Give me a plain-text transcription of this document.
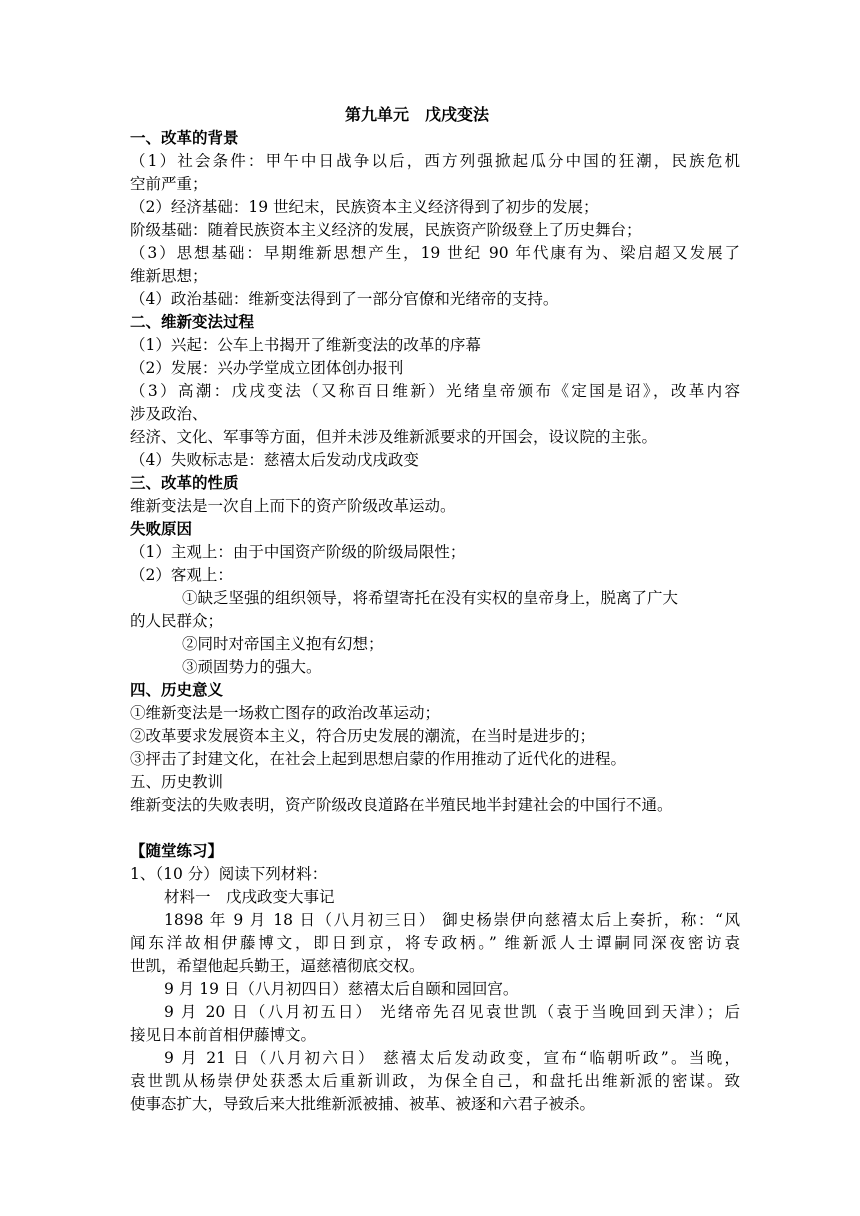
第九单元　戊戌变法
一、改革的背景
（1）社会条件：甲午中日战争以后，西方列强掀起瓜分中国的狂潮，民族危机
空前严重；
（2）经济基础：19 世纪末，民族资本主义经济得到了初步的发展；
阶级基础：随着民族资本主义经济的发展，民族资产阶级登上了历史舞台；
（3）思想基础：早期维新思想产生，19 世纪 90 年代康有为、梁启超又发展了
维新思想；
（4）政治基础：维新变法得到了一部分官僚和光绪帝的支持。
二、维新变法过程
（1）兴起：公车上书揭开了维新变法的改革的序幕
（2）发展：兴办学堂成立团体创办报刊
（3）高潮：戊戌变法（又称百日维新）光绪皇帝颁布《定国是诏》，改革内容
涉及政治、
经济、文化、军事等方面，但并未涉及维新派要求的开国会，设议院的主张。
（4）失败标志是：慈禧太后发动戊戌政变
三、改革的性质
维新变法是一次自上而下的资产阶级改革运动。
失败原因
（1）主观上：由于中国资产阶级的阶级局限性；
（2）客观上：
①缺乏坚强的组织领导，将希望寄托在没有实权的皇帝身上，脱离了广大
的人民群众；
②同时对帝国主义抱有幻想；
③顽固势力的强大。
四、历史意义
①维新变法是一场救亡图存的政治改革运动；
②改革要求发展资本主义，符合历史发展的潮流，在当时是进步的；
③抨击了封建文化，在社会上起到思想启蒙的作用推动了近代化的进程。
五、历史教训
维新变法的失败表明，资产阶级改良道路在半殖民地半封建社会的中国行不通。
【随堂练习】
1、（10 分）阅读下列材料：
材料一　戊戌政变大事记
1898 年 9 月 18 日（八月初三日） 御史杨崇伊向慈禧太后上奏折，称：“风
闻东洋故相伊藤博文，即日到京，将专政柄。” 维新派人士谭嗣同深夜密访袁
世凯，希望他起兵勤王，逼慈禧彻底交权。
9 月 19 日（八月初四日）慈禧太后自颐和园回宫。
9 月 20 日（八月初五日） 光绪帝先召见袁世凯（袁于当晚回到天津）；后
接见日本前首相伊藤博文。
9 月 21 日（八月初六日） 慈禧太后发动政变，宣布“临朝听政”。当晚，
袁世凯从杨崇伊处获悉太后重新训政，为保全自己，和盘托出维新派的密谋。致
使事态扩大，导致后来大批维新派被捕、被革、被逐和六君子被杀。
